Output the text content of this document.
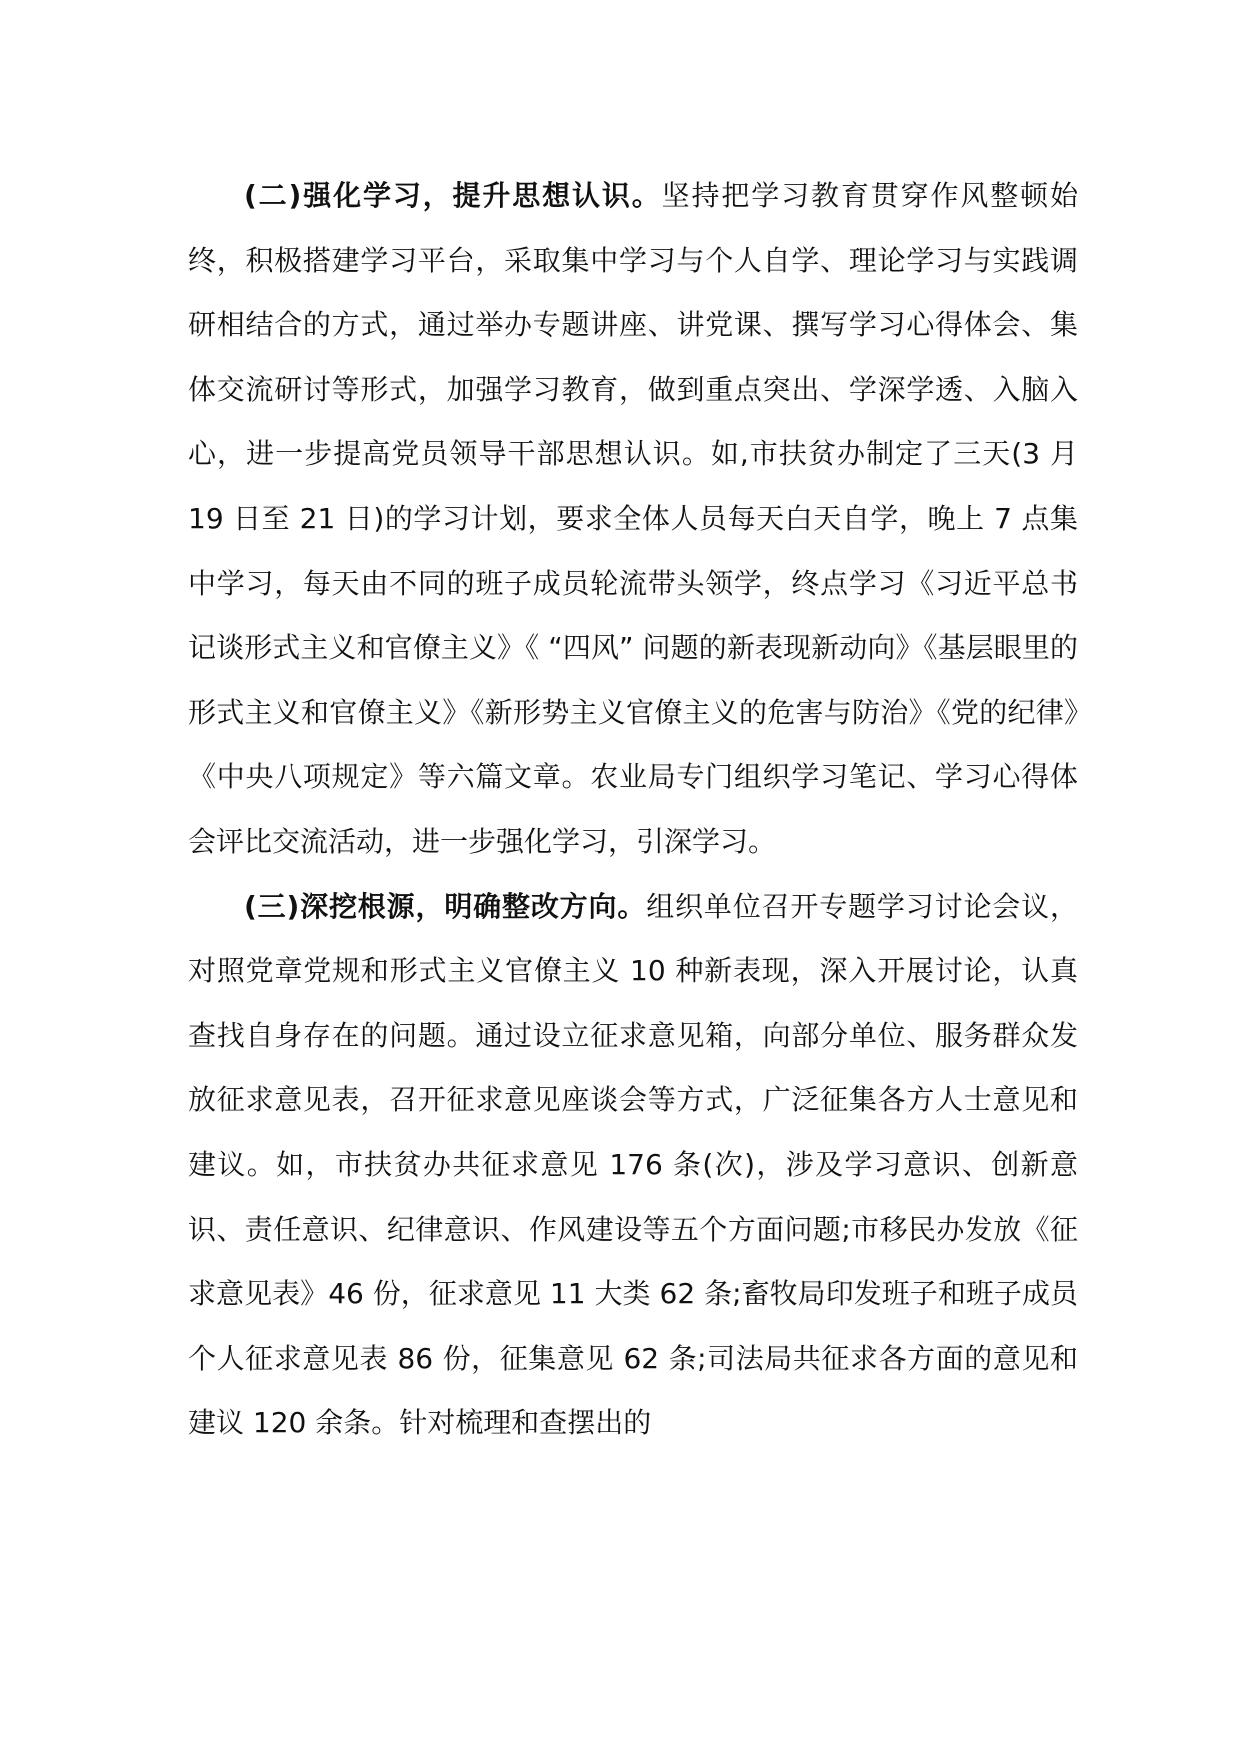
(二)强化学习，提升思想认识。坚持把学习教育贯穿作风整顿始终，积极搭建学习平台，采取集中学习与个人自学、理论学习与实践调研相结合的方式，通过举办专题讲座、讲党课、撰写学习心得体会、集体交流研讨等形式，加强学习教育，做到重点突出、学深学透、入脑入心，进一步提高党员领导干部思想认识。如,市扶贫办制定了三天(3 月 19 日至 21 日)的学习计划，要求全体人员每天白天自学，晚上 7 点集中学习，每天由不同的班子成员轮流带头领学，终点学习《习近平总书记谈形式主义和官僚主义》《 “四风” 问题的新表现新动向》《基层眼里的形式主义和官僚主义》《新形势主义官僚主义的危害与防治》《党的纪律》《中央八项规定》等六篇文章。农业局专门组织学习笔记、学习心得体会评比交流活动，进一步强化学习，引深学习。

(三)深挖根源，明确整改方向。组织单位召开专题学习讨论会议，对照党章党规和形式主义官僚主义 10 种新表现，深入开展讨论，认真查找自身存在的问题。通过设立征求意见箱，向部分单位、服务群众发放征求意见表，召开征求意见座谈会等方式，广泛征集各方人士意见和建议。如，市扶贫办共征求意见 176 条(次)，涉及学习意识、创新意识、责任意识、纪律意识、作风建设等五个方面问题;市移民办发放《征求意见表》46 份，征求意见 11 大类 62 条;畜牧局印发班子和班子成员个人征求意见表 86 份，征集意见 62 条;司法局共征求各方面的意见和建议 120 余条。针对梳理和查摆出的
